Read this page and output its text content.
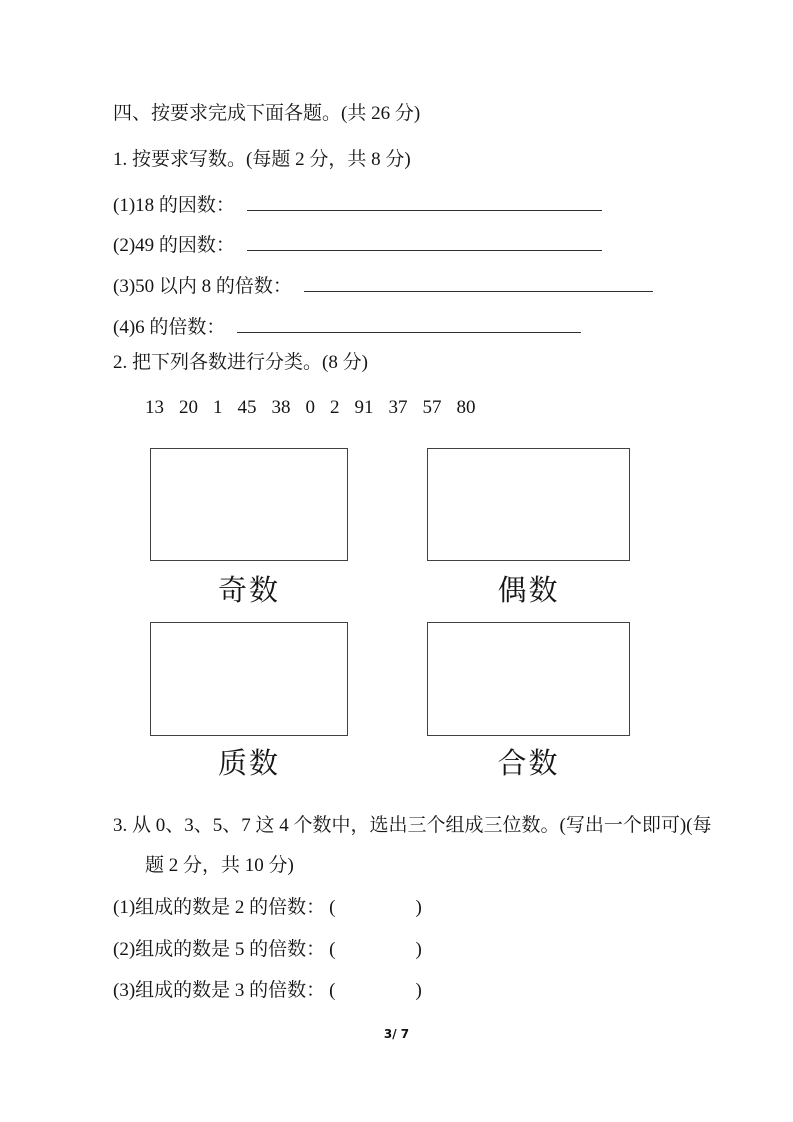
四、按要求完成下面各题。(共 26 分)
1. 按要求写数。(每题 2 分，共 8 分)
(1)18 的因数：
(2)49 的因数：
(3)50 以内 8 的倍数：
(4)6 的倍数：
2. 把下列各数进行分类。(8 分)
13 20 1 45 38 0 2 91 37 57 80
奇数	偶数
质数	合数
3. 从 0、3、5、7 这 4 个数中，选出三个组成三位数。(写出一个即可)(每
题 2 分，共 10 分)
(1)组成的数是 2 的倍数： (	)
(2)组成的数是 5 的倍数： (	)
(3)组成的数是 3 的倍数： (	)
3/ 7
